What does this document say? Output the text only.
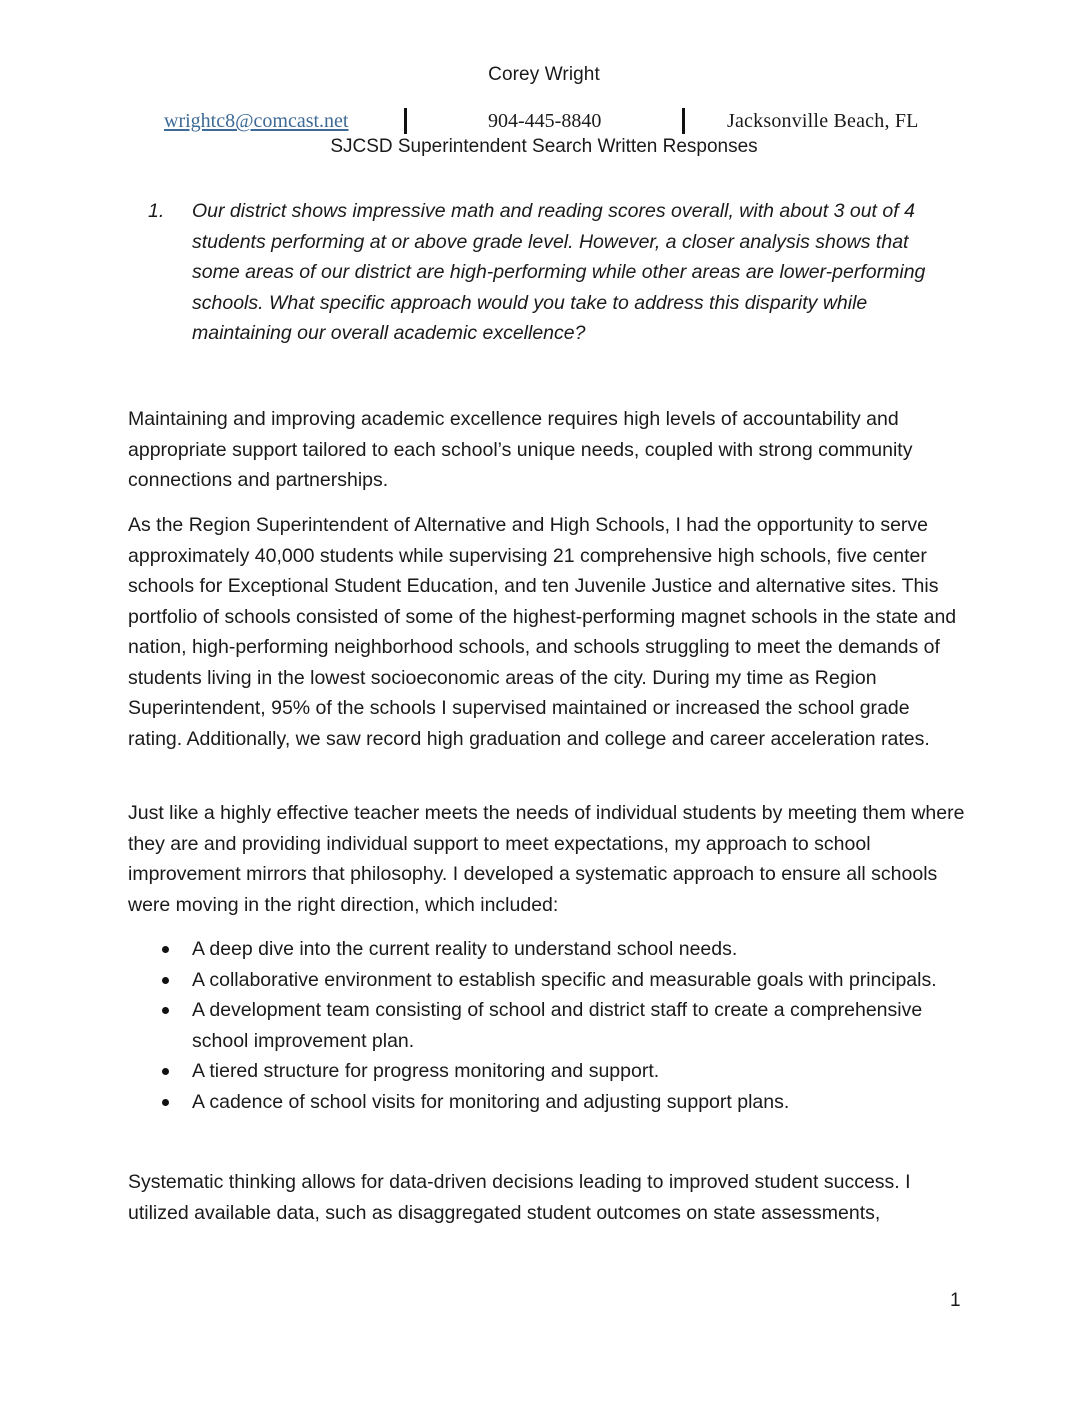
Corey Wright
wrightc8@comcast.net	904-445-8840	Jacksonville Beach, FL
SJCSD Superintendent Search Written Responses
1. Our district shows impressive math and reading scores overall, with about 3 out of 4 students performing at or above grade level. However, a closer analysis shows that some areas of our district are high-performing while other areas are lower-performing schools. What specific approach would you take to address this disparity while maintaining our overall academic excellence?
Maintaining and improving academic excellence requires high levels of accountability and appropriate support tailored to each school’s unique needs, coupled with strong community connections and partnerships.
As the Region Superintendent of Alternative and High Schools, I had the opportunity to serve approximately 40,000 students while supervising 21 comprehensive high schools, five center schools for Exceptional Student Education, and ten Juvenile Justice and alternative sites. This portfolio of schools consisted of some of the highest-performing magnet schools in the state and nation, high-performing neighborhood schools, and schools struggling to meet the demands of students living in the lowest socioeconomic areas of the city. During my time as Region Superintendent, 95% of the schools I supervised maintained or increased the school grade rating. Additionally, we saw record high graduation and college and career acceleration rates.
Just like a highly effective teacher meets the needs of individual students by meeting them where they are and providing individual support to meet expectations, my approach to school improvement mirrors that philosophy. I developed a systematic approach to ensure all schools were moving in the right direction, which included:
A deep dive into the current reality to understand school needs.
A collaborative environment to establish specific and measurable goals with principals.
A development team consisting of school and district staff to create a comprehensive school improvement plan.
A tiered structure for progress monitoring and support.
A cadence of school visits for monitoring and adjusting support plans.
Systematic thinking allows for data-driven decisions leading to improved student success. I utilized available data, such as disaggregated student outcomes on state assessments,
1
